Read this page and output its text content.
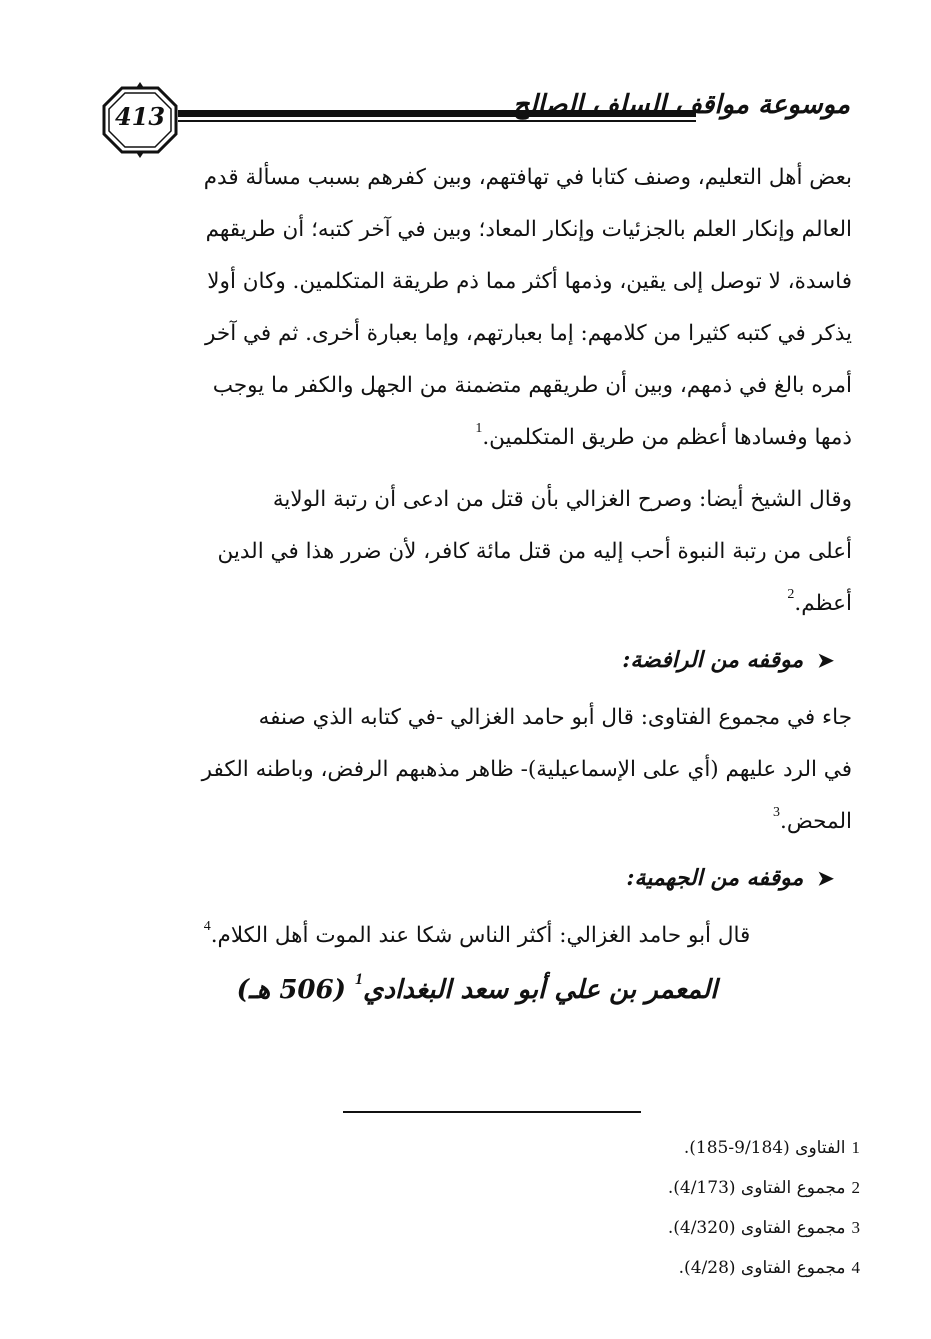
413	موسوعة مواقف السلف الصالح

بعض أهل التعليم، وصنف كتابا في تهافتهم، وبين كفرهم بسبب مسألة قدم

العالم وإنكار العلم بالجزئيات وإنكار المعاد؛ وبين في آخر كتبه؛ أن طريقهم

فاسدة، لا توصل إلى يقين، وذمها أكثر مما ذم طريقة المتكلمين. وكان أولا

يذكر في كتبه كثيرا من كلامهم: إما بعبارتهم، وإما بعبارة أخرى. ثم في آخر

أمره بالغ في ذمهم، وبين أن طريقهم متضمنة من الجهل والكفر ما يوجب

ذمها وفسادها أعظم من طريق المتكلمين.$^1$

وقال الشيخ أيضا: وصرح الغزالي بأن قتل من ادعى أن رتبة الولاية

أعلى من رتبة النبوة أحب إليه من قتل مائة كافر، لأن ضرر هذا في الدين

أعظم.$^2$

➤موقفه من الرافضة:

جاء في مجموع الفتاوى: قال أبو حامد الغزالي -في كتابه الذي صنفه

في الرد عليهم (أي على الإسماعيلية)- ظاهر مذهبهم الرفض، وباطنه الكفر

المحض.$^3$

➤موقفه من الجهمية:

قال أبو حامد الغزالي: أكثر الناس شكا عند الموت أهل الكلام.$^4$

المعمر بن علي أبو سعد البغدادي$^1$ (506 هـ)

1الفتاوى (9/184-185).
2مجموع الفتاوى (4/173).
3مجموع الفتاوى (4/320).
4مجموع الفتاوى (4/28).
